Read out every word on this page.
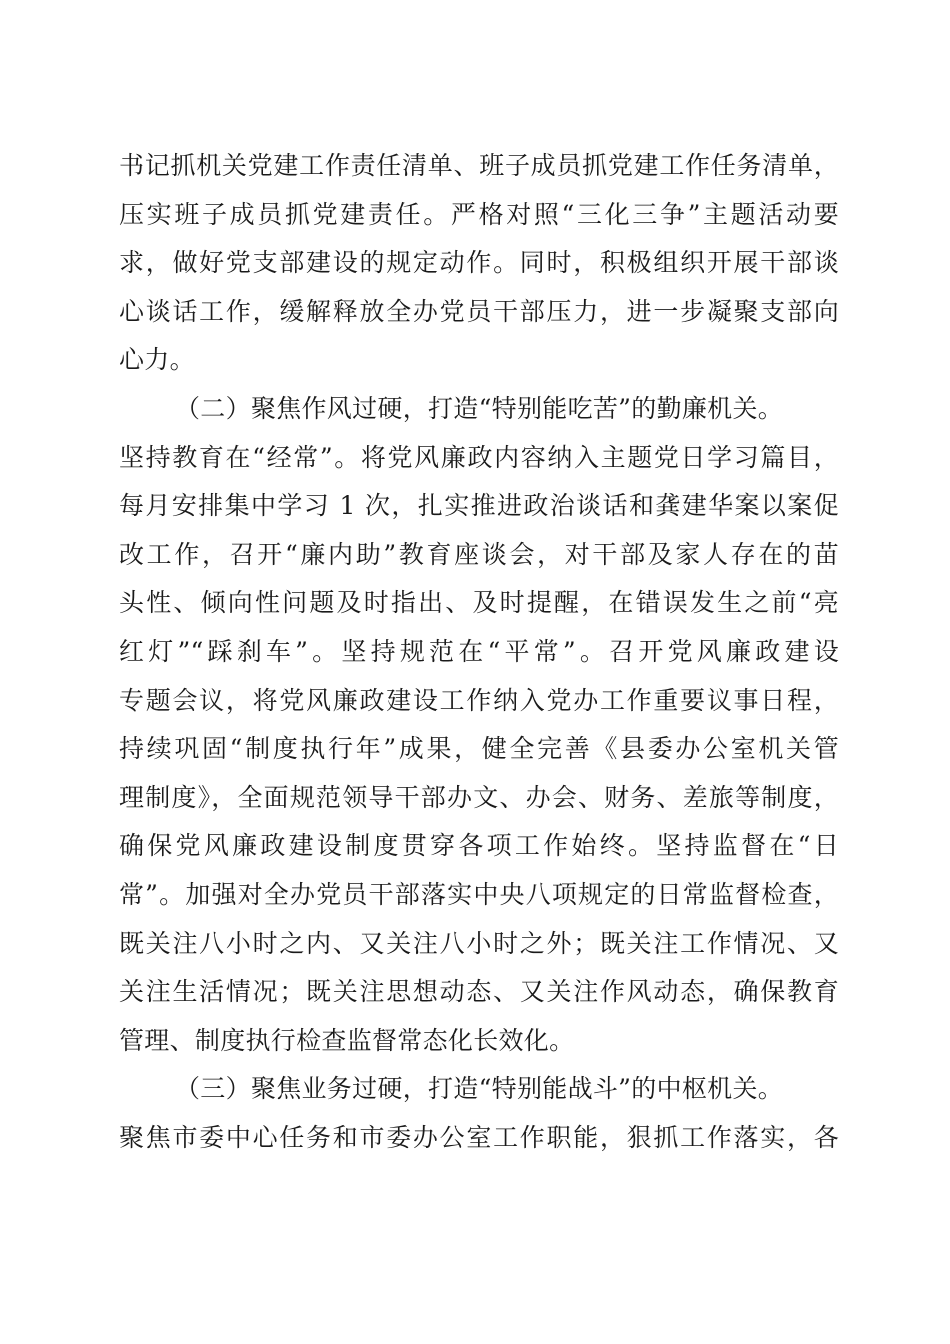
书记抓机关党建工作责任清单、班子成员抓党建工作任务清单，
压实班子成员抓党建责任。严格对照“三化三争”主题活动要
求，做好党支部建设的规定动作。同时，积极组织开展干部谈
心谈话工作，缓解释放全办党员干部压力，进一步凝聚支部向
心力。
（二）聚焦作风过硬，打造“特别能吃苦”的勤廉机关。
坚持教育在“经常”。将党风廉政内容纳入主题党日学习篇目，
每月安排集中学习 1 次，扎实推进政治谈话和龚建华案以案促
改工作，召开“廉内助”教育座谈会，对干部及家人存在的苗
头性、倾向性问题及时指出、及时提醒，在错误发生之前“亮
红灯”“踩刹车”。坚持规范在“平常”。召开党风廉政建设
专题会议，将党风廉政建设工作纳入党办工作重要议事日程，
持续巩固“制度执行年”成果，健全完善《县委办公室机关管
理制度》，全面规范领导干部办文、办会、财务、差旅等制度，
确保党风廉政建设制度贯穿各项工作始终。坚持监督在“日
常”。加强对全办党员干部落实中央八项规定的日常监督检查，
既关注八小时之内、又关注八小时之外；既关注工作情况、又
关注生活情况；既关注思想动态、又关注作风动态，确保教育
管理、制度执行检查监督常态化长效化。
（三）聚焦业务过硬，打造“特别能战斗”的中枢机关。
聚焦市委中心任务和市委办公室工作职能，狠抓工作落实，各
